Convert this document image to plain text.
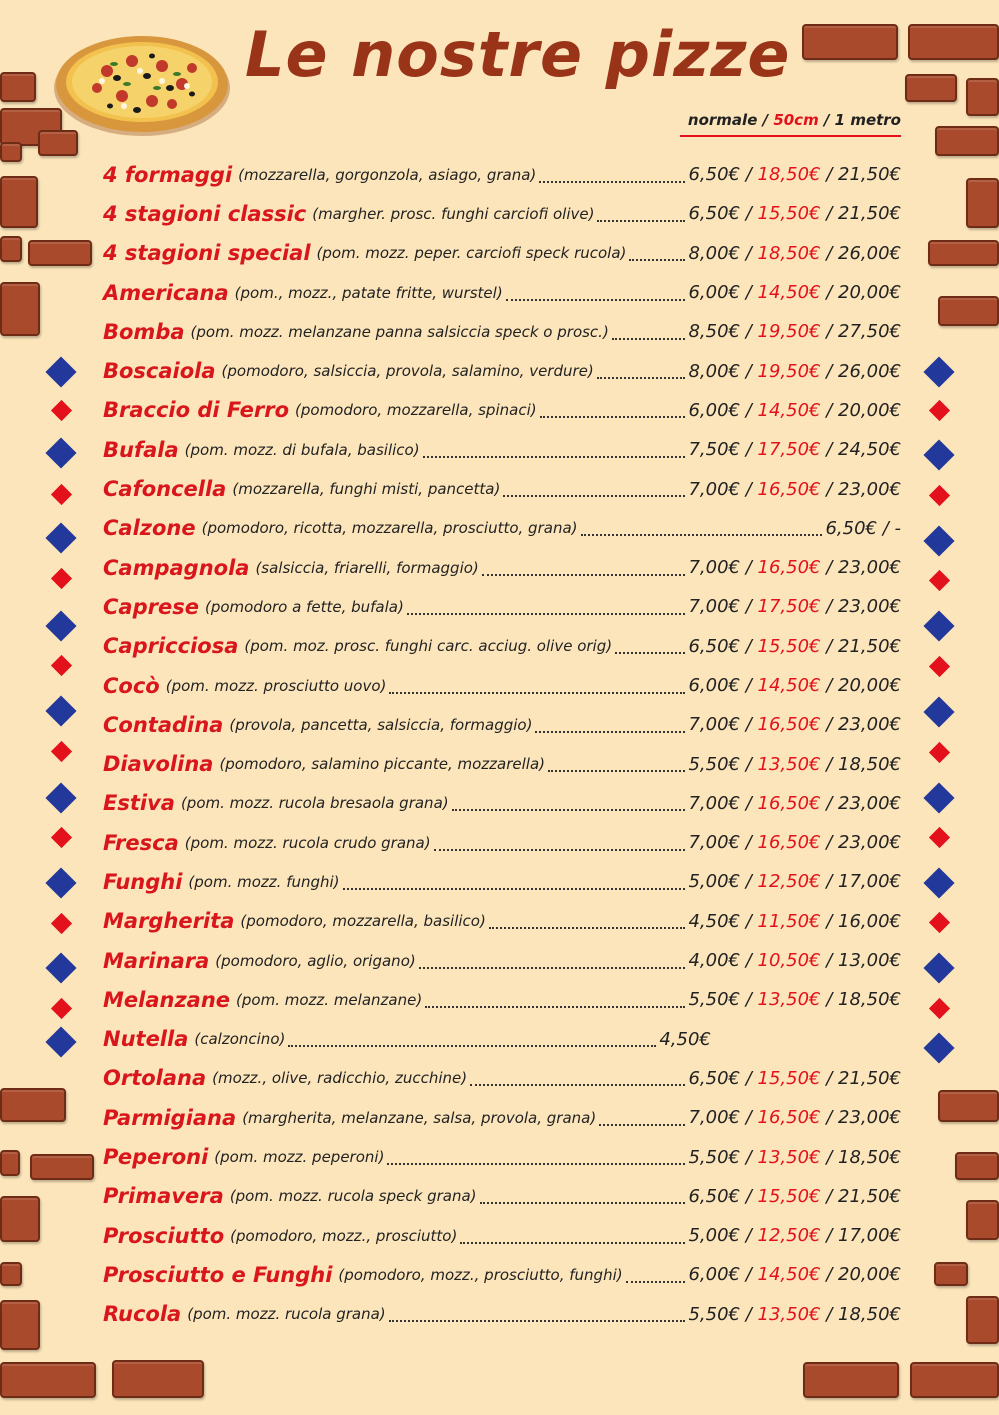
Le nostre pizze
normale / 50cm / 1 metro
4 formaggi (mozzarella, gorgonzola, asiago, grana)	6,50€ / 18,50€ / 21,50€
4 stagioni classic (margher. prosc. funghi carciofi olive)	6,50€ / 15,50€ / 21,50€
4 stagioni special (pom. mozz. peper. carciofi speck rucola)	8,00€ / 18,50€ / 26,00€
Americana (pom., mozz., patate fritte, wurstel)	6,00€ / 14,50€ / 20,00€
Bomba (pom. mozz. melanzane panna salsiccia speck o prosc.)	8,50€ / 19,50€ / 27,50€
Boscaiola (pomodoro, salsiccia, provola, salamino, verdure)	8,00€ / 19,50€ / 26,00€
Braccio di Ferro (pomodoro, mozzarella, spinaci)	6,00€ / 14,50€ / 20,00€
Bufala (pom. mozz. di bufala, basilico)	7,50€ / 17,50€ / 24,50€
Cafoncella (mozzarella, funghi misti, pancetta)	7,00€ / 16,50€ / 23,00€
Calzone (pomodoro, ricotta, mozzarella, prosciutto, grana)	6,50€ / -
Campagnola (salsiccia, friarelli, formaggio)	7,00€ / 16,50€ / 23,00€
Caprese (pomodoro a fette, bufala)	7,00€ / 17,50€ / 23,00€
Capricciosa (pom. moz. prosc. funghi carc. acciug. olive orig)	6,50€ / 15,50€ / 21,50€
Cocò (pom. mozz. prosciutto uovo)	6,00€ / 14,50€ / 20,00€
Contadina (provola, pancetta, salsiccia, formaggio)	7,00€ / 16,50€ / 23,00€
Diavolina (pomodoro, salamino piccante, mozzarella)	5,50€ / 13,50€ / 18,50€
Estiva (pom. mozz. rucola bresaola grana)	7,00€ / 16,50€ / 23,00€
Fresca (pom. mozz. rucola crudo grana)	7,00€ / 16,50€ / 23,00€
Funghi (pom. mozz. funghi)	5,00€ / 12,50€ / 17,00€
Margherita (pomodoro, mozzarella, basilico)	4,50€ / 11,50€ / 16,00€
Marinara (pomodoro, aglio, origano)	4,00€ / 10,50€ / 13,00€
Melanzane (pom. mozz. melanzane)	5,50€ / 13,50€ / 18,50€
Nutella (calzoncino)	4,50€
Ortolana (mozz., olive, radicchio, zucchine)	6,50€ / 15,50€ / 21,50€
Parmigiana (margherita, melanzane, salsa, provola, grana)	7,00€ / 16,50€ / 23,00€
Peperoni (pom. mozz. peperoni)	5,50€ / 13,50€ / 18,50€
Primavera (pom. mozz. rucola speck grana)	6,50€ / 15,50€ / 21,50€
Prosciutto (pomodoro, mozz., prosciutto)	5,00€ / 12,50€ / 17,00€
Prosciutto e Funghi (pomodoro, mozz., prosciutto, funghi)	6,00€ / 14,50€ / 20,00€
Rucola (pom. mozz. rucola grana)	5,50€ / 13,50€ / 18,50€
